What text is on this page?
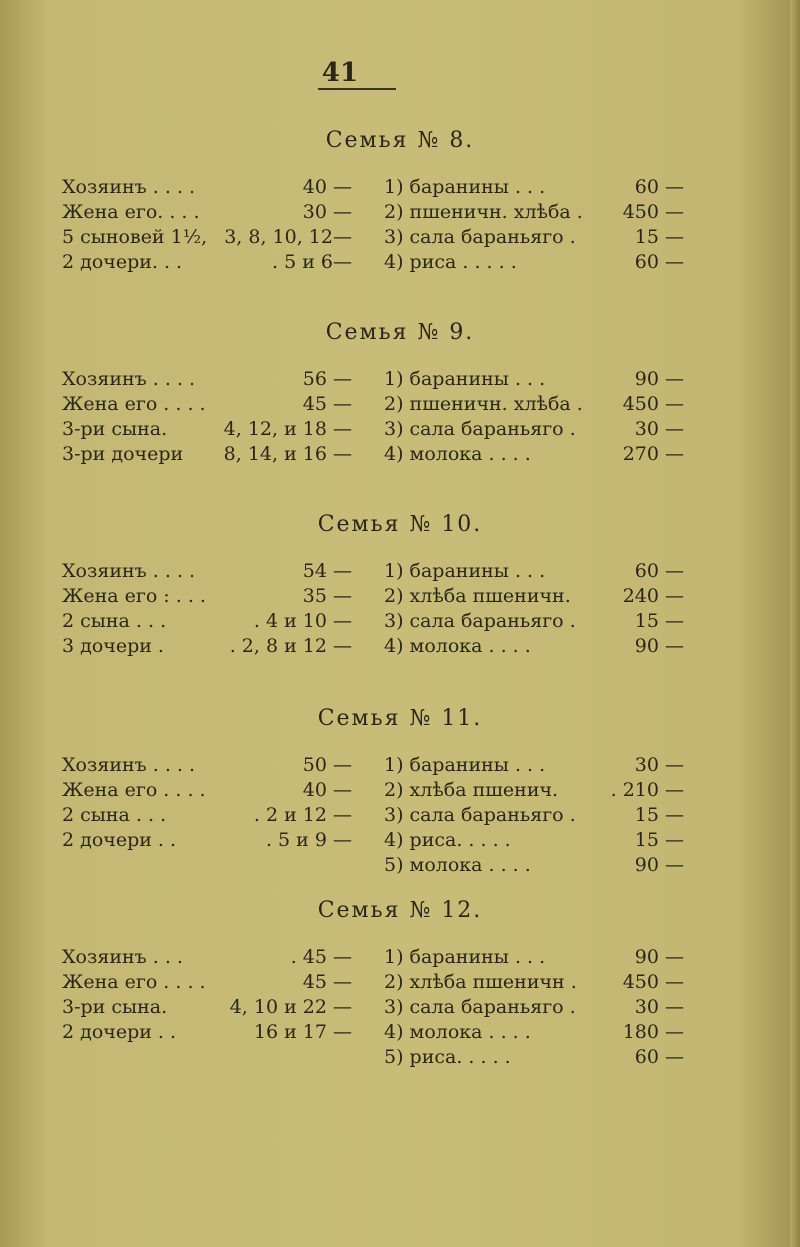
41
Семья № 8.
Хозяинъ . . . .	40 —
Жена его. . . .	30 —
5 сыновей 1½, 3, 8, 10, 12—
2 дочери. . .	. 5 и 6—
1) баранины . . .	60 —
2) пшеничн. хлѣба . 450 —
3) сала бараньяго .	15 —
4) риса . . . . .	60 —
Семья № 9.
Хозяинъ . . . .	56 —
Жена его . . . .	45 —
3-ри сына.	4, 12, и 18 —
3-ри дочери 8, 14, и 16 —
1) баранины . . .	90 —
2) пшеничн. хлѣба . 450 —
3) сала бараньяго .	30 —
4) молока . . . .	270 —
Семья № 10.
Хозяинъ . . . .	54 —
Жена его : . . .	35 —
2 сына . . .	. 4 и 10 —
3 дочери .	. 2, 8 и 12 —
1) баранины . . .	60 —
2) хлѣба пшеничн.	240 —
3) сала бараньяго .	15 —
4) молока . . . .	90 —
Семья № 11.
Хозяинъ . . . .	50 —
Жена его . . . .	40 —
2 сына . . .	. 2 и 12 —
2 дочери . .	. 5 и 9 —
1) баранины . . .	30 —
2) хлѣба пшенич.	. 210 —
3) сала бараньяго .	15 —
4) риса. . . . .	15 —
5) молока . . . .	90 —
Семья № 12.
Хозяинъ . . .	. 45 —
Жена его . . . .	45 —
3-ри сына.	4, 10 и 22 —
2 дочери . .	16 и 17 —
1) баранины . . .	90 —
2) хлѣба пшеничн . 450 —
3) сала бараньяго .	30 —
4) молока . . . .	180 —
5) риса. . . . .	60 —
